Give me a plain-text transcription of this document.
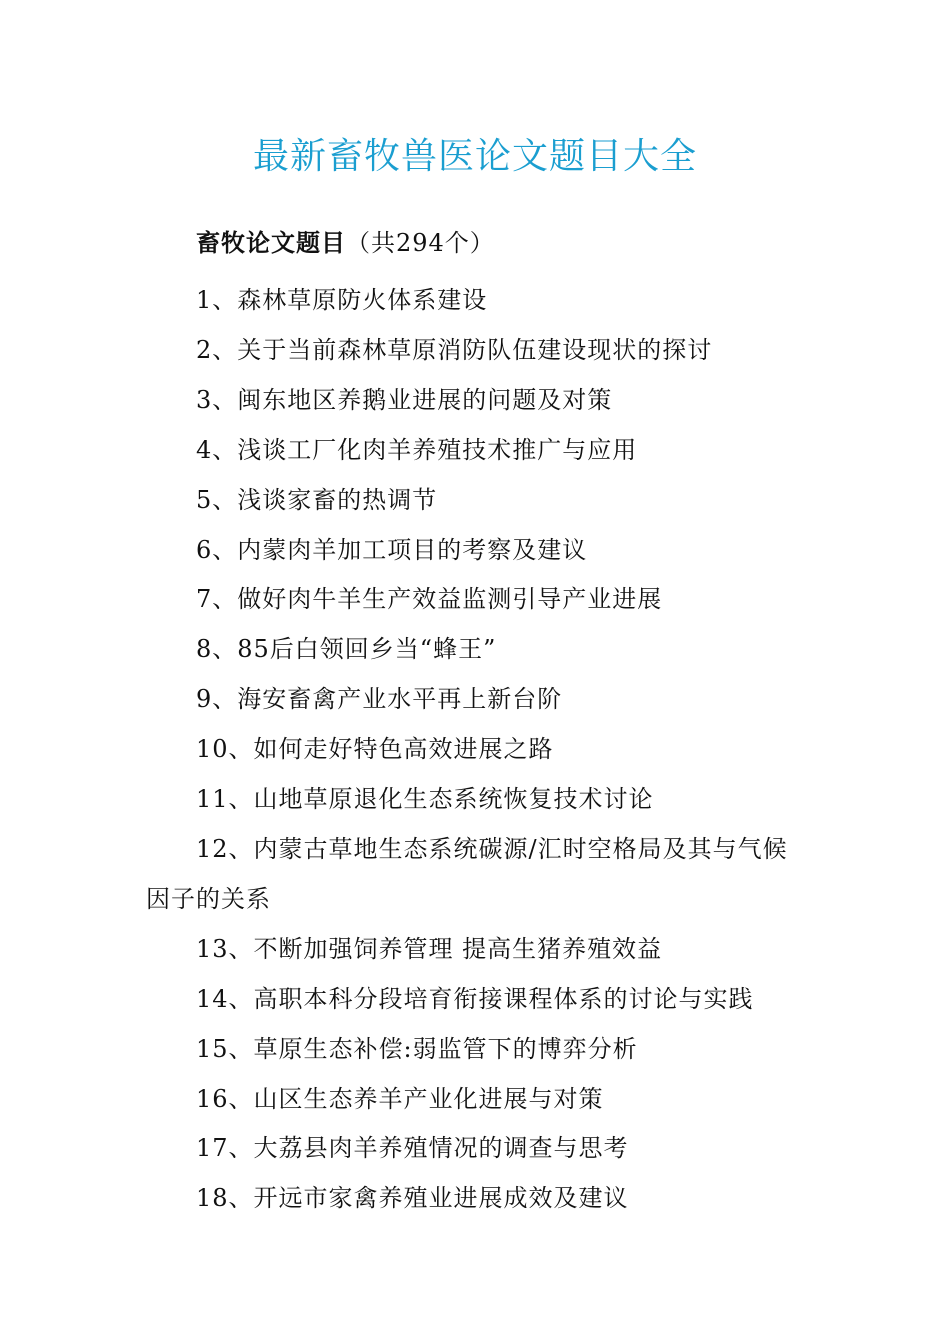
最新畜牧兽医论文题目大全

畜牧论文题目（共294个）

1、森林草原防火体系建设
2、关于当前森林草原消防队伍建设现状的探讨
3、闽东地区养鹅业进展的问题及对策
4、浅谈工厂化肉羊养殖技术推广与应用
5、浅谈家畜的热调节
6、内蒙肉羊加工项目的考察及建议
7、做好肉牛羊生产效益监测引导产业进展
8、85后白领回乡当“蜂王”
9、海安畜禽产业水平再上新台阶
10、如何走好特色高效进展之路
11、山地草原退化生态系统恢复技术讨论
12、内蒙古草地生态系统碳源/汇时空格局及其与气候因子的关系
13、不断加强饲养管理 提高生猪养殖效益
14、高职本科分段培育衔接课程体系的讨论与实践
15、草原生态补偿:弱监管下的博弈分析
16、山区生态养羊产业化进展与对策
17、大荔县肉羊养殖情况的调查与思考
18、开远市家禽养殖业进展成效及建议
